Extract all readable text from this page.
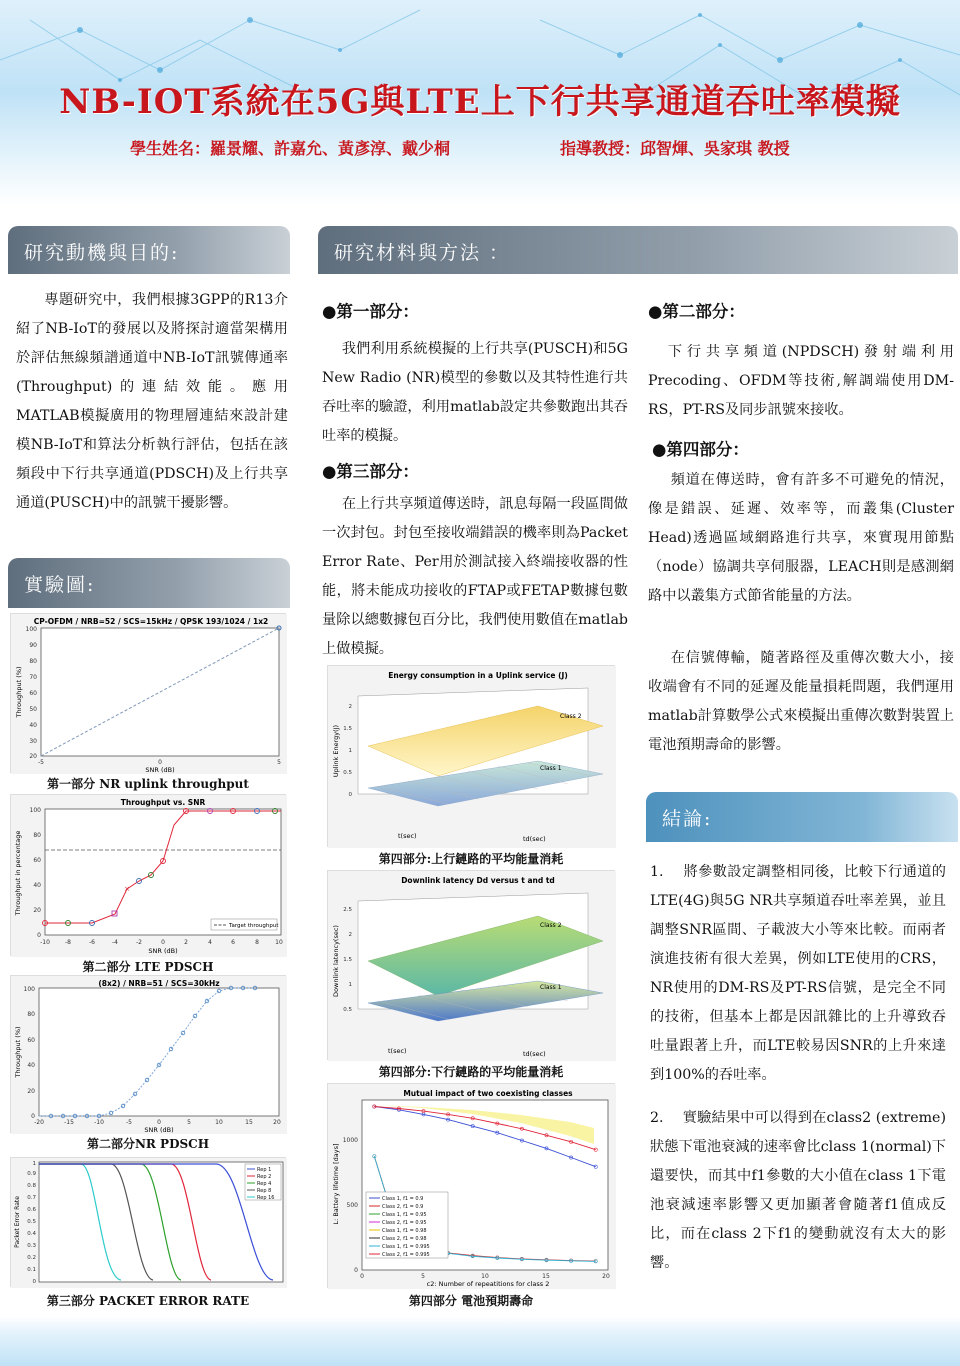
NB-IOT系統在5G與LTE上下行共享通道吞吐率模擬
學生姓名：羅景耀、許嘉允、黃彥淳、戴少桐	指導教授：邱智煇、吳家琪 教授
研究動機與目的:
專題研究中，我們根據3GPP的R13介紹了NB-IoT的發展以及將探討適當架構用於評估無線頻譜通道中NB-IoT訊號傳通率(Throughput)的連結效能。應用MATLAB模擬廣用的物理層連結來設計建模NB-IoT和算法分析執行評估，包括在該頻段中下行共享通道(PDSCH)及上行共享通道(PUSCH)中的訊號干擾影響。
實驗圖:
CP-OFDM / NRB=52 / SCS=15kHz / QPSK 193/1024 / 1x2
100
90
80
70
60
50
40
30
20
-5	0	5
SNR (dB)
Throughput (%)
第一部分 NR uplink throughput
Throughput vs. SNR
×
Target throughput
0
20
40
60
80
100
-10	-8	-6	-4	-2	0	2	4	6	8	10
SNR (dB)
Throughput in percentage
第二部分 LTE PDSCH
(8x2) / NRB=51 / SCS=30kHz
0
20
40
60
80
100
-20	-15	-10	-5	0	5	10	15	20
SNR (dB)
Throughput (%)
第二部分NR PDSCH
Rep 1
Rep 2
Rep 4
Rep 8
Rep 16
0
0.1
0.2
0.3
0.4
0.5
0.6
0.7
0.8
0.9
1
Packet Error Rate
第三部分 PACKET ERROR RATE
研究材料與方法 ：
●第一部分：
我們利用系統模擬的上行共享(PUSCH)和5G New Radio (NR)模型的參數以及其特性進行共吞吐率的驗證，利用matlab設定共參數跑出其吞吐率的模擬。
●第三部分：
在上行共享頻道傳送時，訊息每隔一段區間做一次封包。封包至接收端錯誤的機率則為Packet Error Rate、Per用於測試接入終端接收器的性能，將未能成功接收的FTAP或FETAP數據包數量除以總數據包百分比，我們使用數值在matlab上做模擬。
Energy consumption in a Uplink service (J)
Class 2
Class 1
0
0.5
1
1.5
2
Uplink Energy(J)
t(sec)	td(sec)
第四部分:上行鏈路的平均能量消耗
Downlink latency Dd versus t and td
Class 2
Class 1
0.5
1
1.5
2
2.5
Downlink latency(sec)
t(sec)	td(sec)
第四部分:下行鏈路的平均能量消耗
Mutual impact of two coexisting classes
Class 1, f1 = 0.9
Class 2, f1 = 0.9
Class 1, f1 = 0.95
Class 2, f1 = 0.95
Class 1, f1 = 0.98
Class 2, f1 = 0.98
Class 1, f1 = 0.995
Class 2, f1 = 0.995
0
500
1000
0	5	10	15	20
c2: Number of repeatitions for class 2
L: Battery lifetime [days]
第四部分 電池預期壽命
●第二部分：
下行共享頻道(NPDSCH)發射端利用Precoding、OFDM等技術,解調端使用DM-RS，PT-RS及同步訊號來接收。
●第四部分：
頻道在傳送時，會有許多不可避免的情況，像是錯誤、延遲、效率等，而叢集(Cluster Head)透過區域網路進行共享，來實現用節點（node）協調共享伺服器，LEACH則是感測網路中以叢集方式節省能量的方法。
在信號傳輸，隨著路徑及重傳次數大小，接收端會有不同的延遲及能量損耗問題，我們運用matlab計算數學公式來模擬出重傳次數對裝置上電池預期壽命的影響。
結論:
1.　 將參數設定調整相同後，比較下行通道的LTE(4G)與5G NR共享頻道吞吐率差異，並且調整SNR區間、子載波大小等來比較。而兩者演進技術有很大差異，例如LTE使用的CRS，NR使用的DM-RS及PT-RS信號，是完全不同的技術，但基本上都是因訊雜比的上升導致吞吐量跟著上升，而LTE較易因SNR的上升來達到100%的吞吐率。
2.　 實驗結果中可以得到在class2 (extreme)狀態下電池衰減的速率會比class 1(normal)下還要快，而其中f1參數的大小值在class 1下電池衰減速率影響又更加顯著會隨著f1值成反比，而在class 2下f1的變動就沒有太大的影響。
